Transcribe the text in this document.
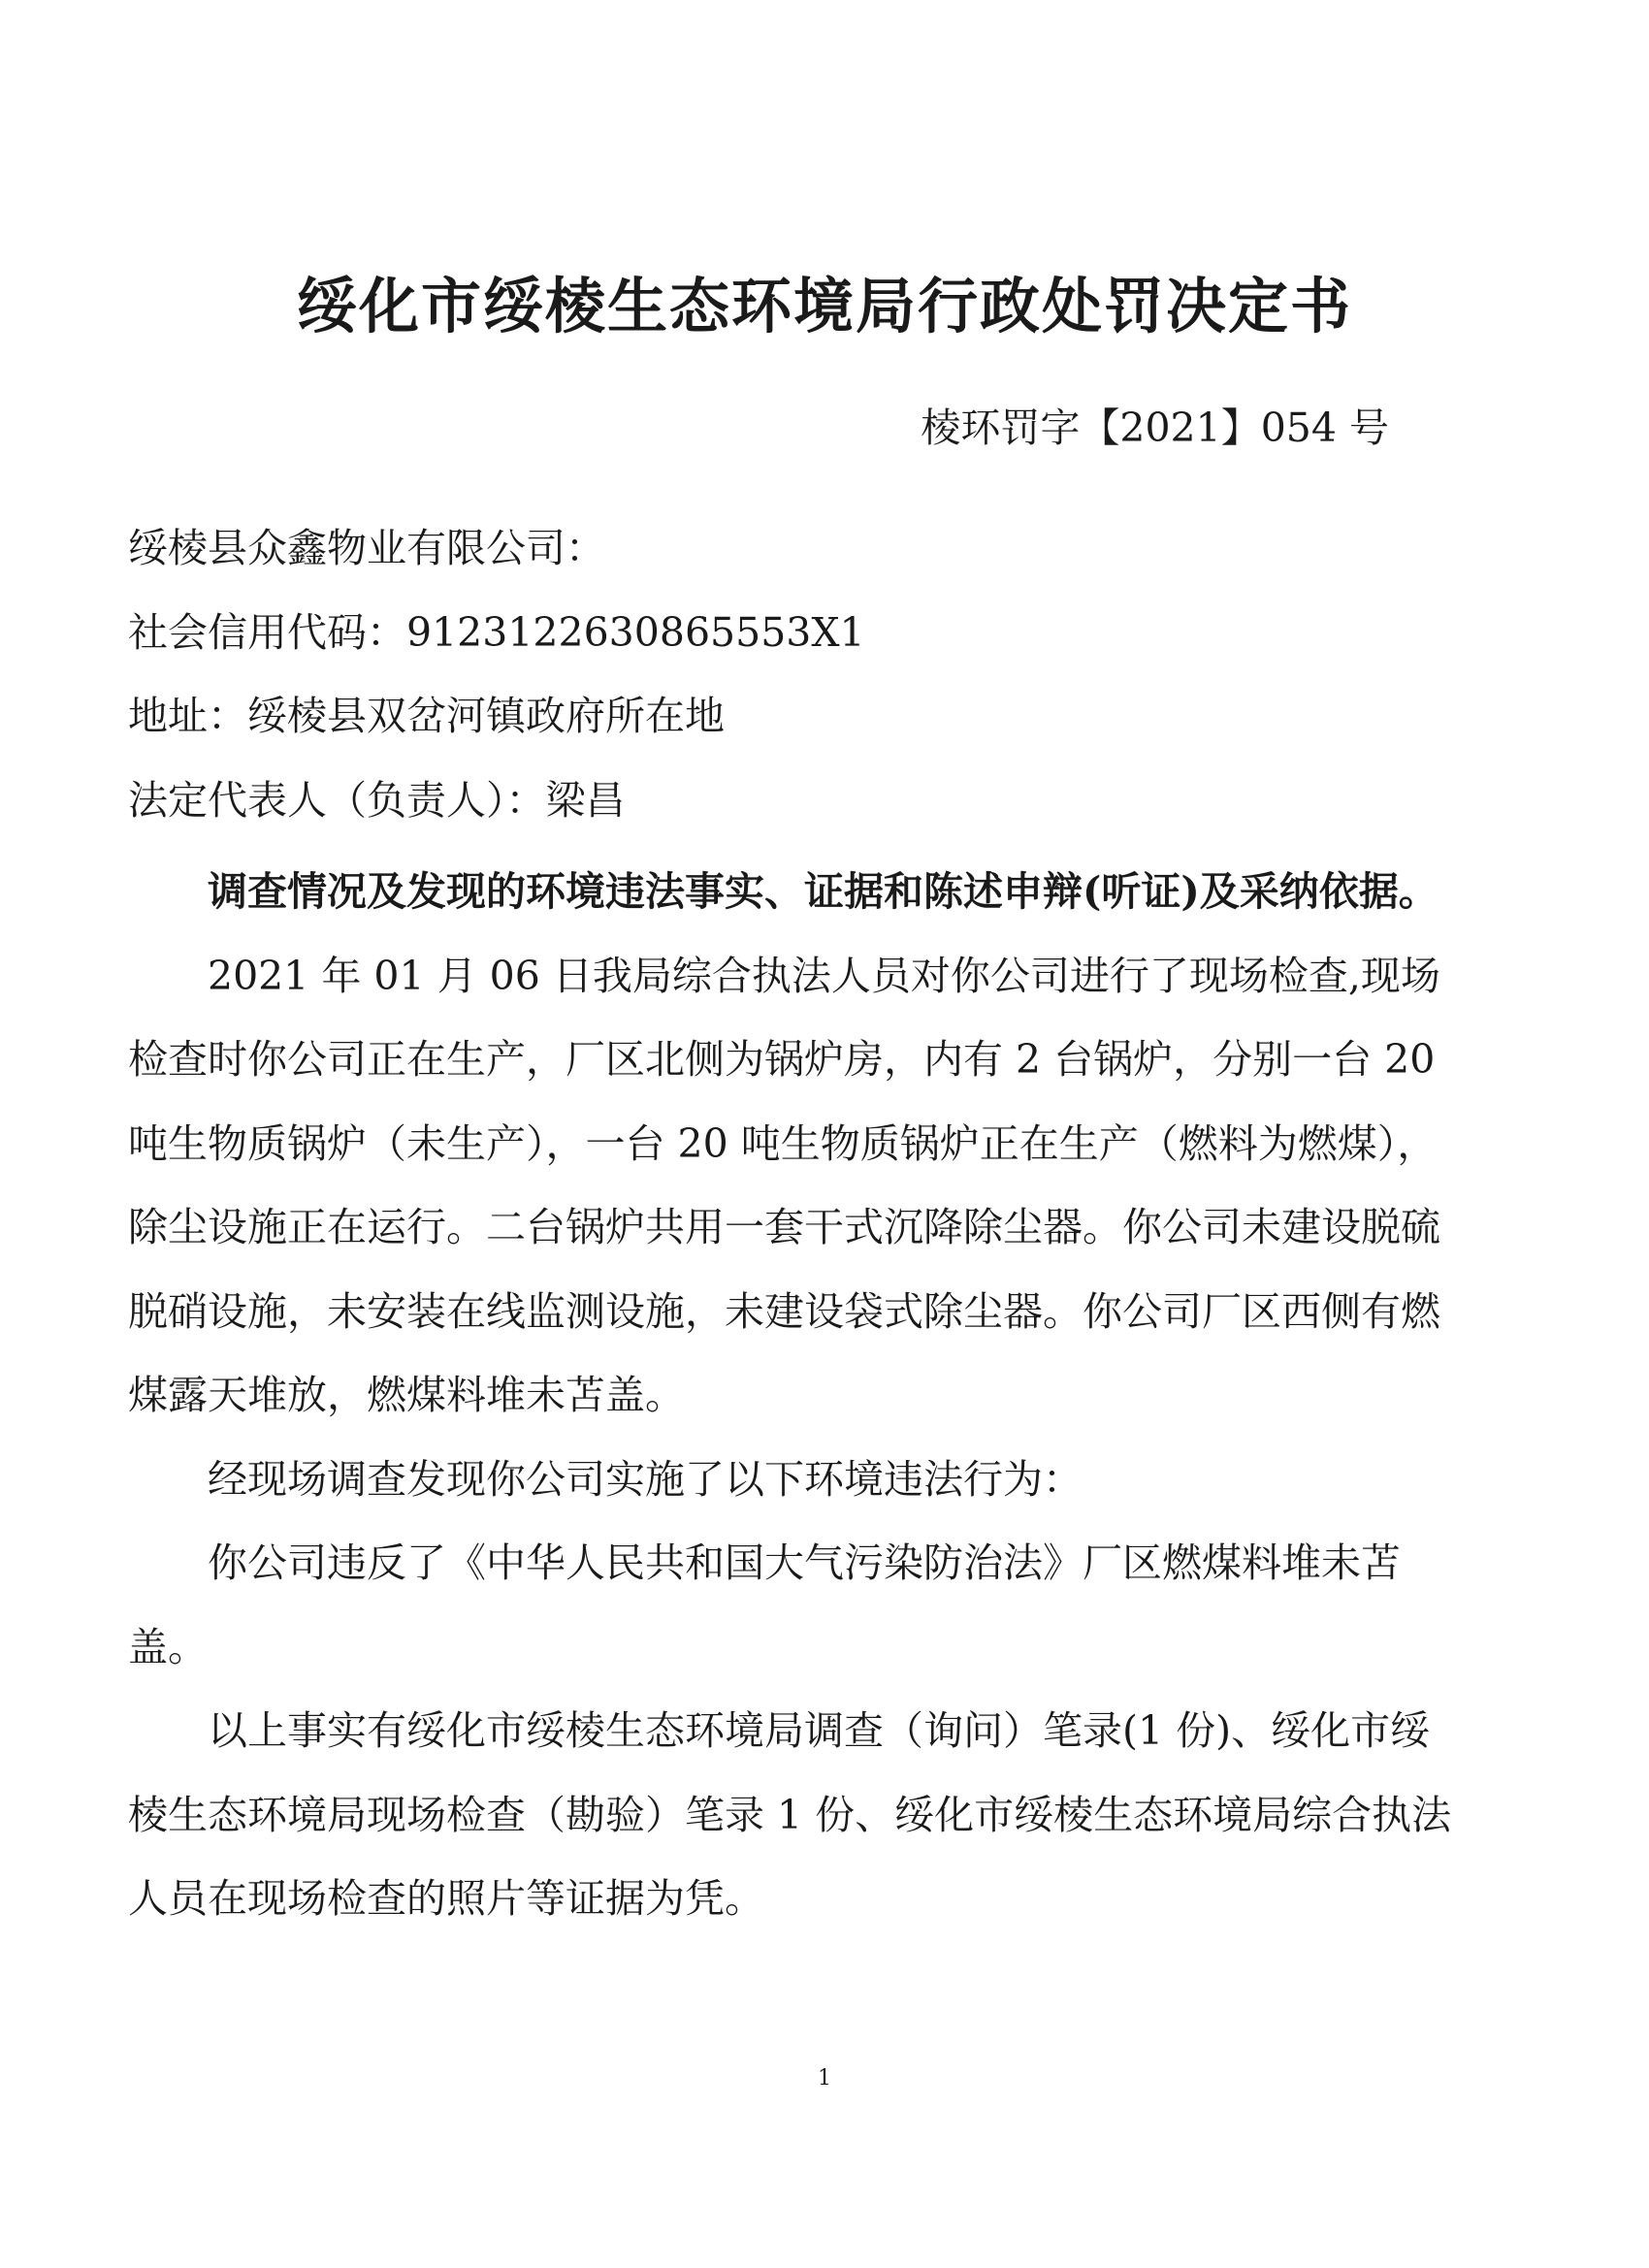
绥化市绥棱生态环境局行政处罚决定书
棱环罚字【2021】054 号

绥棱县众鑫物业有限公司：

社会信用代码：9123122630865553X1

地址：绥棱县双岔河镇政府所在地

法定代表人（负责人）：梁昌

调查情况及发现的环境违法事实、证据和陈述申辩(听证)及采纳依据。

2021 年 01 月 06 日我局综合执法人员对你公司进行了现场检查,现场检查时你公司正在生产，厂区北侧为锅炉房，内有 2 台锅炉，分别一台 20 吨生物质锅炉（未生产），一台 20 吨生物质锅炉正在生产（燃料为燃煤），除尘设施正在运行。二台锅炉共用一套干式沉降除尘器。你公司未建设脱硫脱硝设施，未安装在线监测设施，未建设袋式除尘器。你公司厂区西侧有燃煤露天堆放，燃煤料堆未苫盖。

经现场调查发现你公司实施了以下环境违法行为：

你公司违反了《中华人民共和国大气污染防治法》厂区燃煤料堆未苫盖。

以上事实有绥化市绥棱生态环境局调查（询问）笔录(1 份)、绥化市绥棱生态环境局现场检查（勘验）笔录 1 份、绥化市绥棱生态环境局综合执法人员在现场检查的照片等证据为凭。

1
